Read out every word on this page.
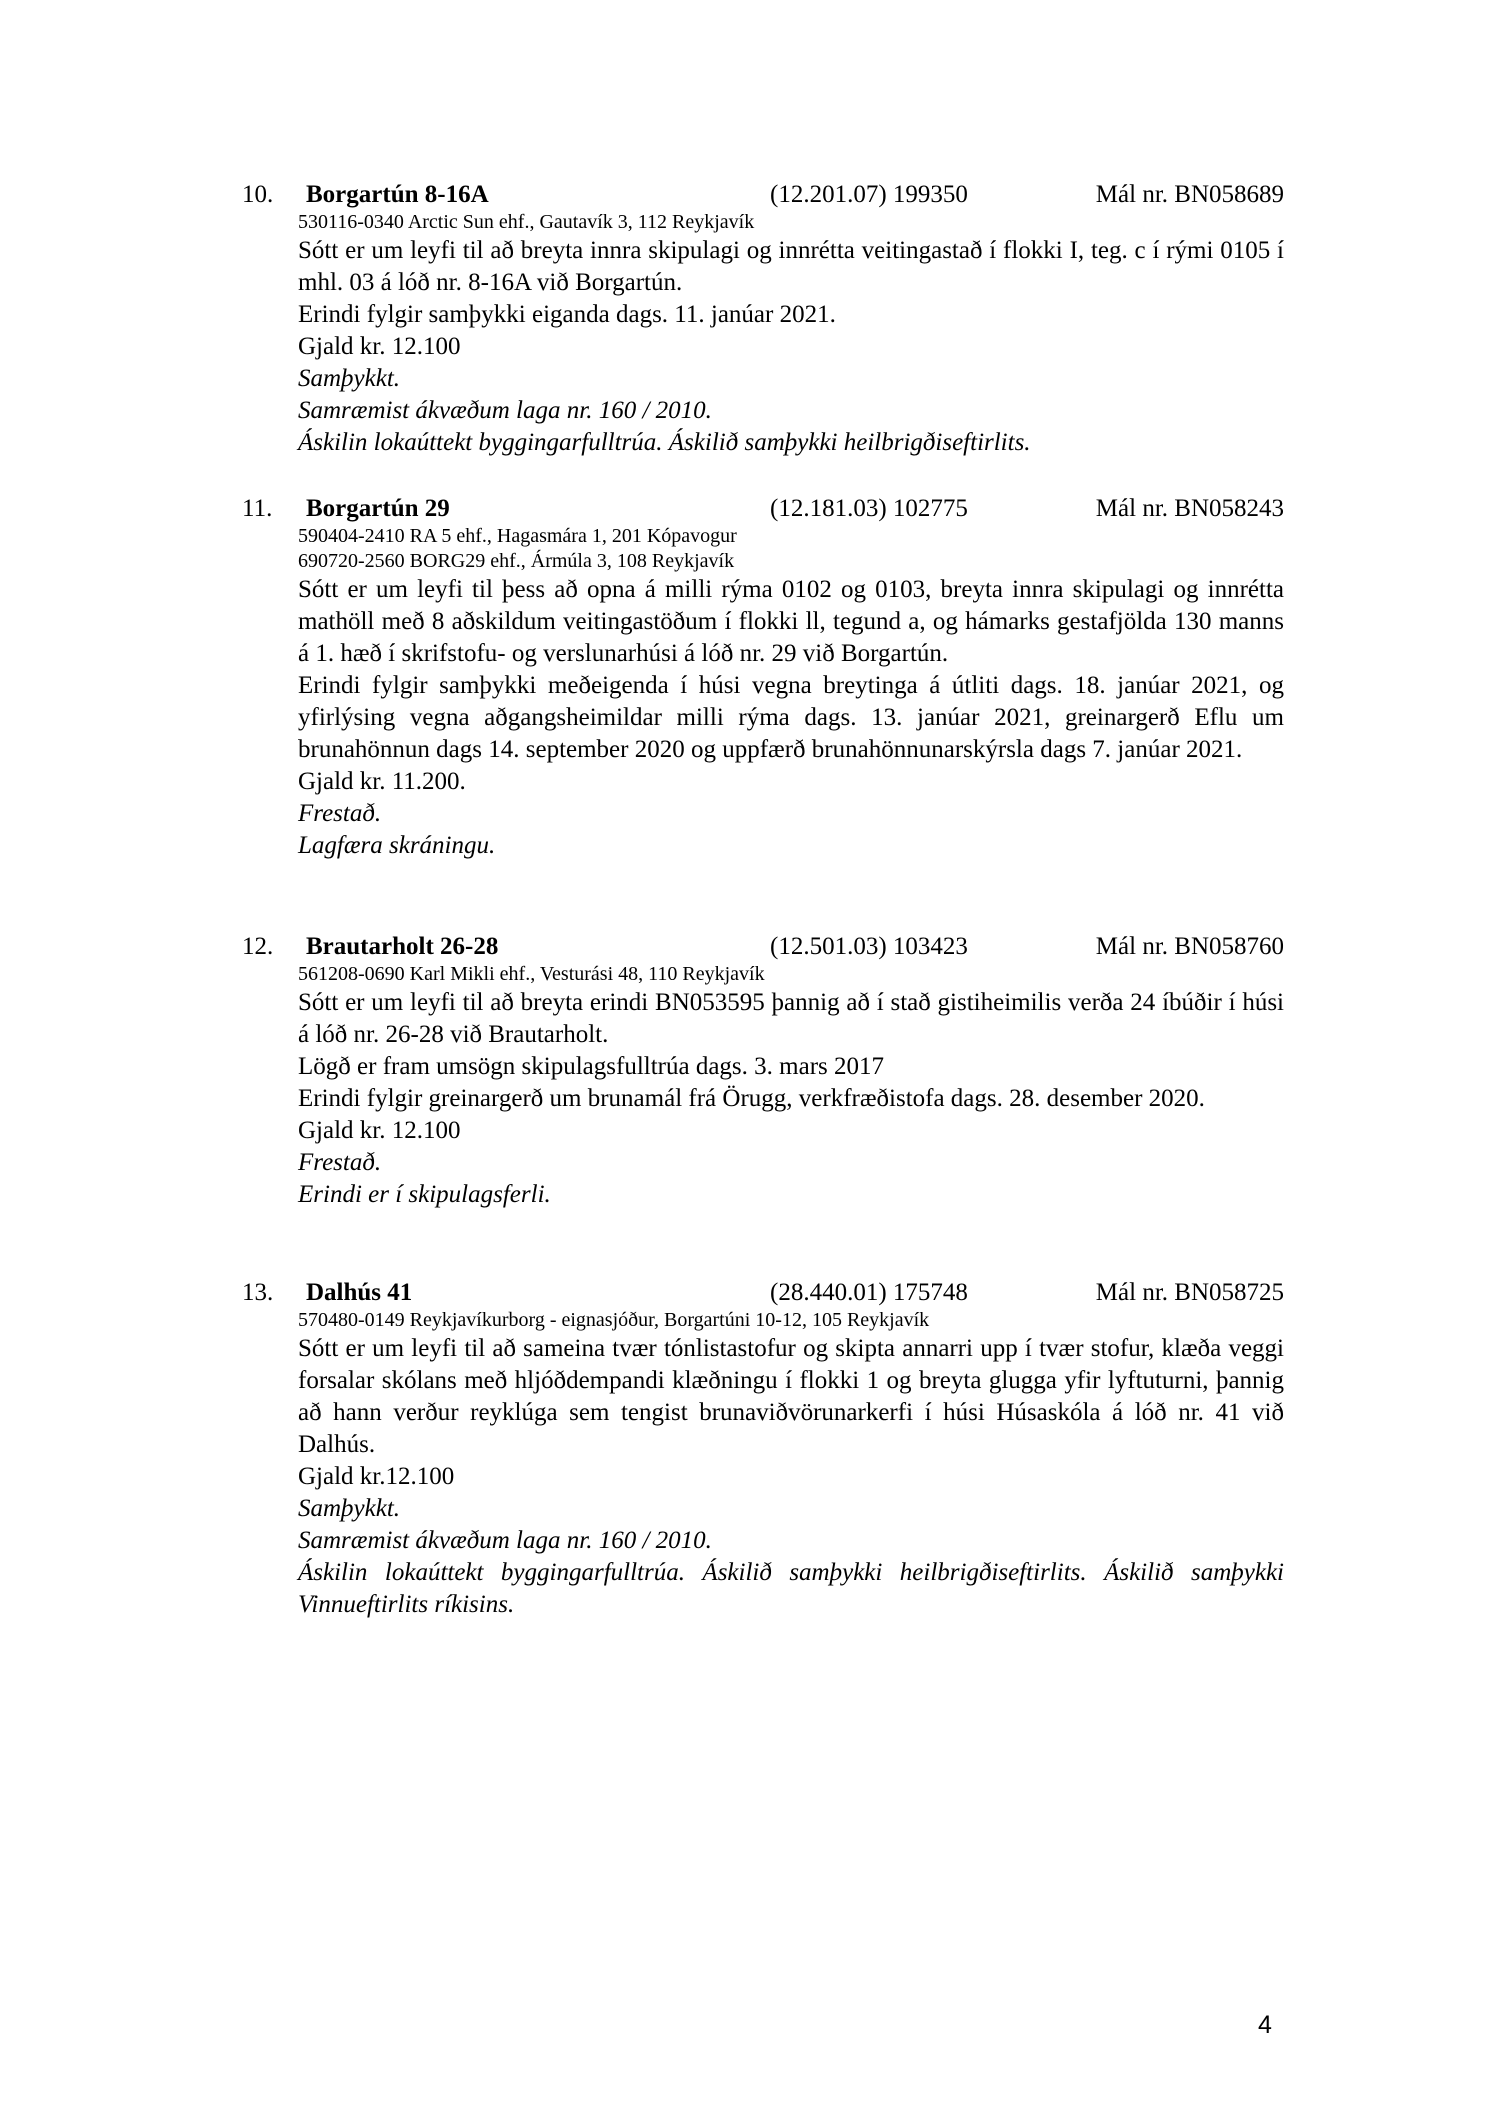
10. Borgartún 8-16A	(12.201.07) 199350	Mál nr. BN058689
530116-0340 Arctic Sun ehf., Gautavík 3, 112 Reykjavík

Sótt er um leyfi til að breyta innra skipulagi og innrétta veitingastað í flokki I, teg. c í rými 0105 í mhl. 03 á lóð nr. 8-16A við Borgartún.

Erindi fylgir samþykki eiganda dags. 11. janúar 2021.

Gjald kr. 12.100

Samþykkt.

Samræmist ákvæðum laga nr. 160 / 2010.

Áskilin lokaúttekt byggingarfulltrúa. Áskilið samþykki heilbrigðiseftirlits.

11. Borgartún 29	(12.181.03) 102775	Mál nr. BN058243
590404-2410 RA 5 ehf., Hagasmára 1, 201 Kópavogur
690720-2560 BORG29 ehf., Ármúla 3, 108 Reykjavík

Sótt er um leyfi til þess að opna á milli rýma 0102 og 0103, breyta innra skipulagi og innrétta mathöll með 8 aðskildum veitingastöðum í flokki ll, tegund a, og hámarks gestafjölda 130 manns á 1. hæð í skrifstofu- og verslunarhúsi á lóð nr. 29 við Borgartún.

Erindi fylgir samþykki meðeigenda í húsi vegna breytinga á útliti dags. 18. janúar 2021, og yfirlýsing vegna aðgangsheimildar milli rýma dags. 13. janúar 2021, greinargerð Eflu um brunahönnun dags 14. september 2020 og uppfærð brunahönnunarskýrsla dags 7. janúar 2021.

Gjald kr. 11.200.

Frestað.

Lagfæra skráningu.

12. Brautarholt 26-28	(12.501.03) 103423	Mál nr. BN058760
561208-0690 Karl Mikli ehf., Vesturási 48, 110 Reykjavík

Sótt er um leyfi til að breyta erindi BN053595 þannig að í stað gistiheimilis verða 24 íbúðir í húsi á lóð nr. 26-28 við Brautarholt.

Lögð er fram umsögn skipulagsfulltrúa dags. 3. mars 2017

Erindi fylgir greinargerð um brunamál frá Örugg, verkfræðistofa dags. 28. desember 2020.

Gjald kr. 12.100

Frestað.

Erindi er í skipulagsferli.

13. Dalhús 41	(28.440.01) 175748	Mál nr. BN058725
570480-0149 Reykjavíkurborg - eignasjóður, Borgartúni 10-12, 105 Reykjavík

Sótt er um leyfi til að sameina tvær tónlistastofur og skipta annarri upp í tvær stofur, klæða veggi forsalar skólans með hljóðdempandi klæðningu í flokki 1 og breyta glugga yfir lyftuturni, þannig að hann verður reyklúga sem tengist brunaviðvörunarkerfi í húsi Húsaskóla á lóð nr. 41 við Dalhús.

Gjald kr.12.100

Samþykkt.

Samræmist ákvæðum laga nr. 160 / 2010.

Áskilin lokaúttekt byggingarfulltrúa. Áskilið samþykki heilbrigðiseftirlits. Áskilið samþykki Vinnueftirlits ríkisins.

4
